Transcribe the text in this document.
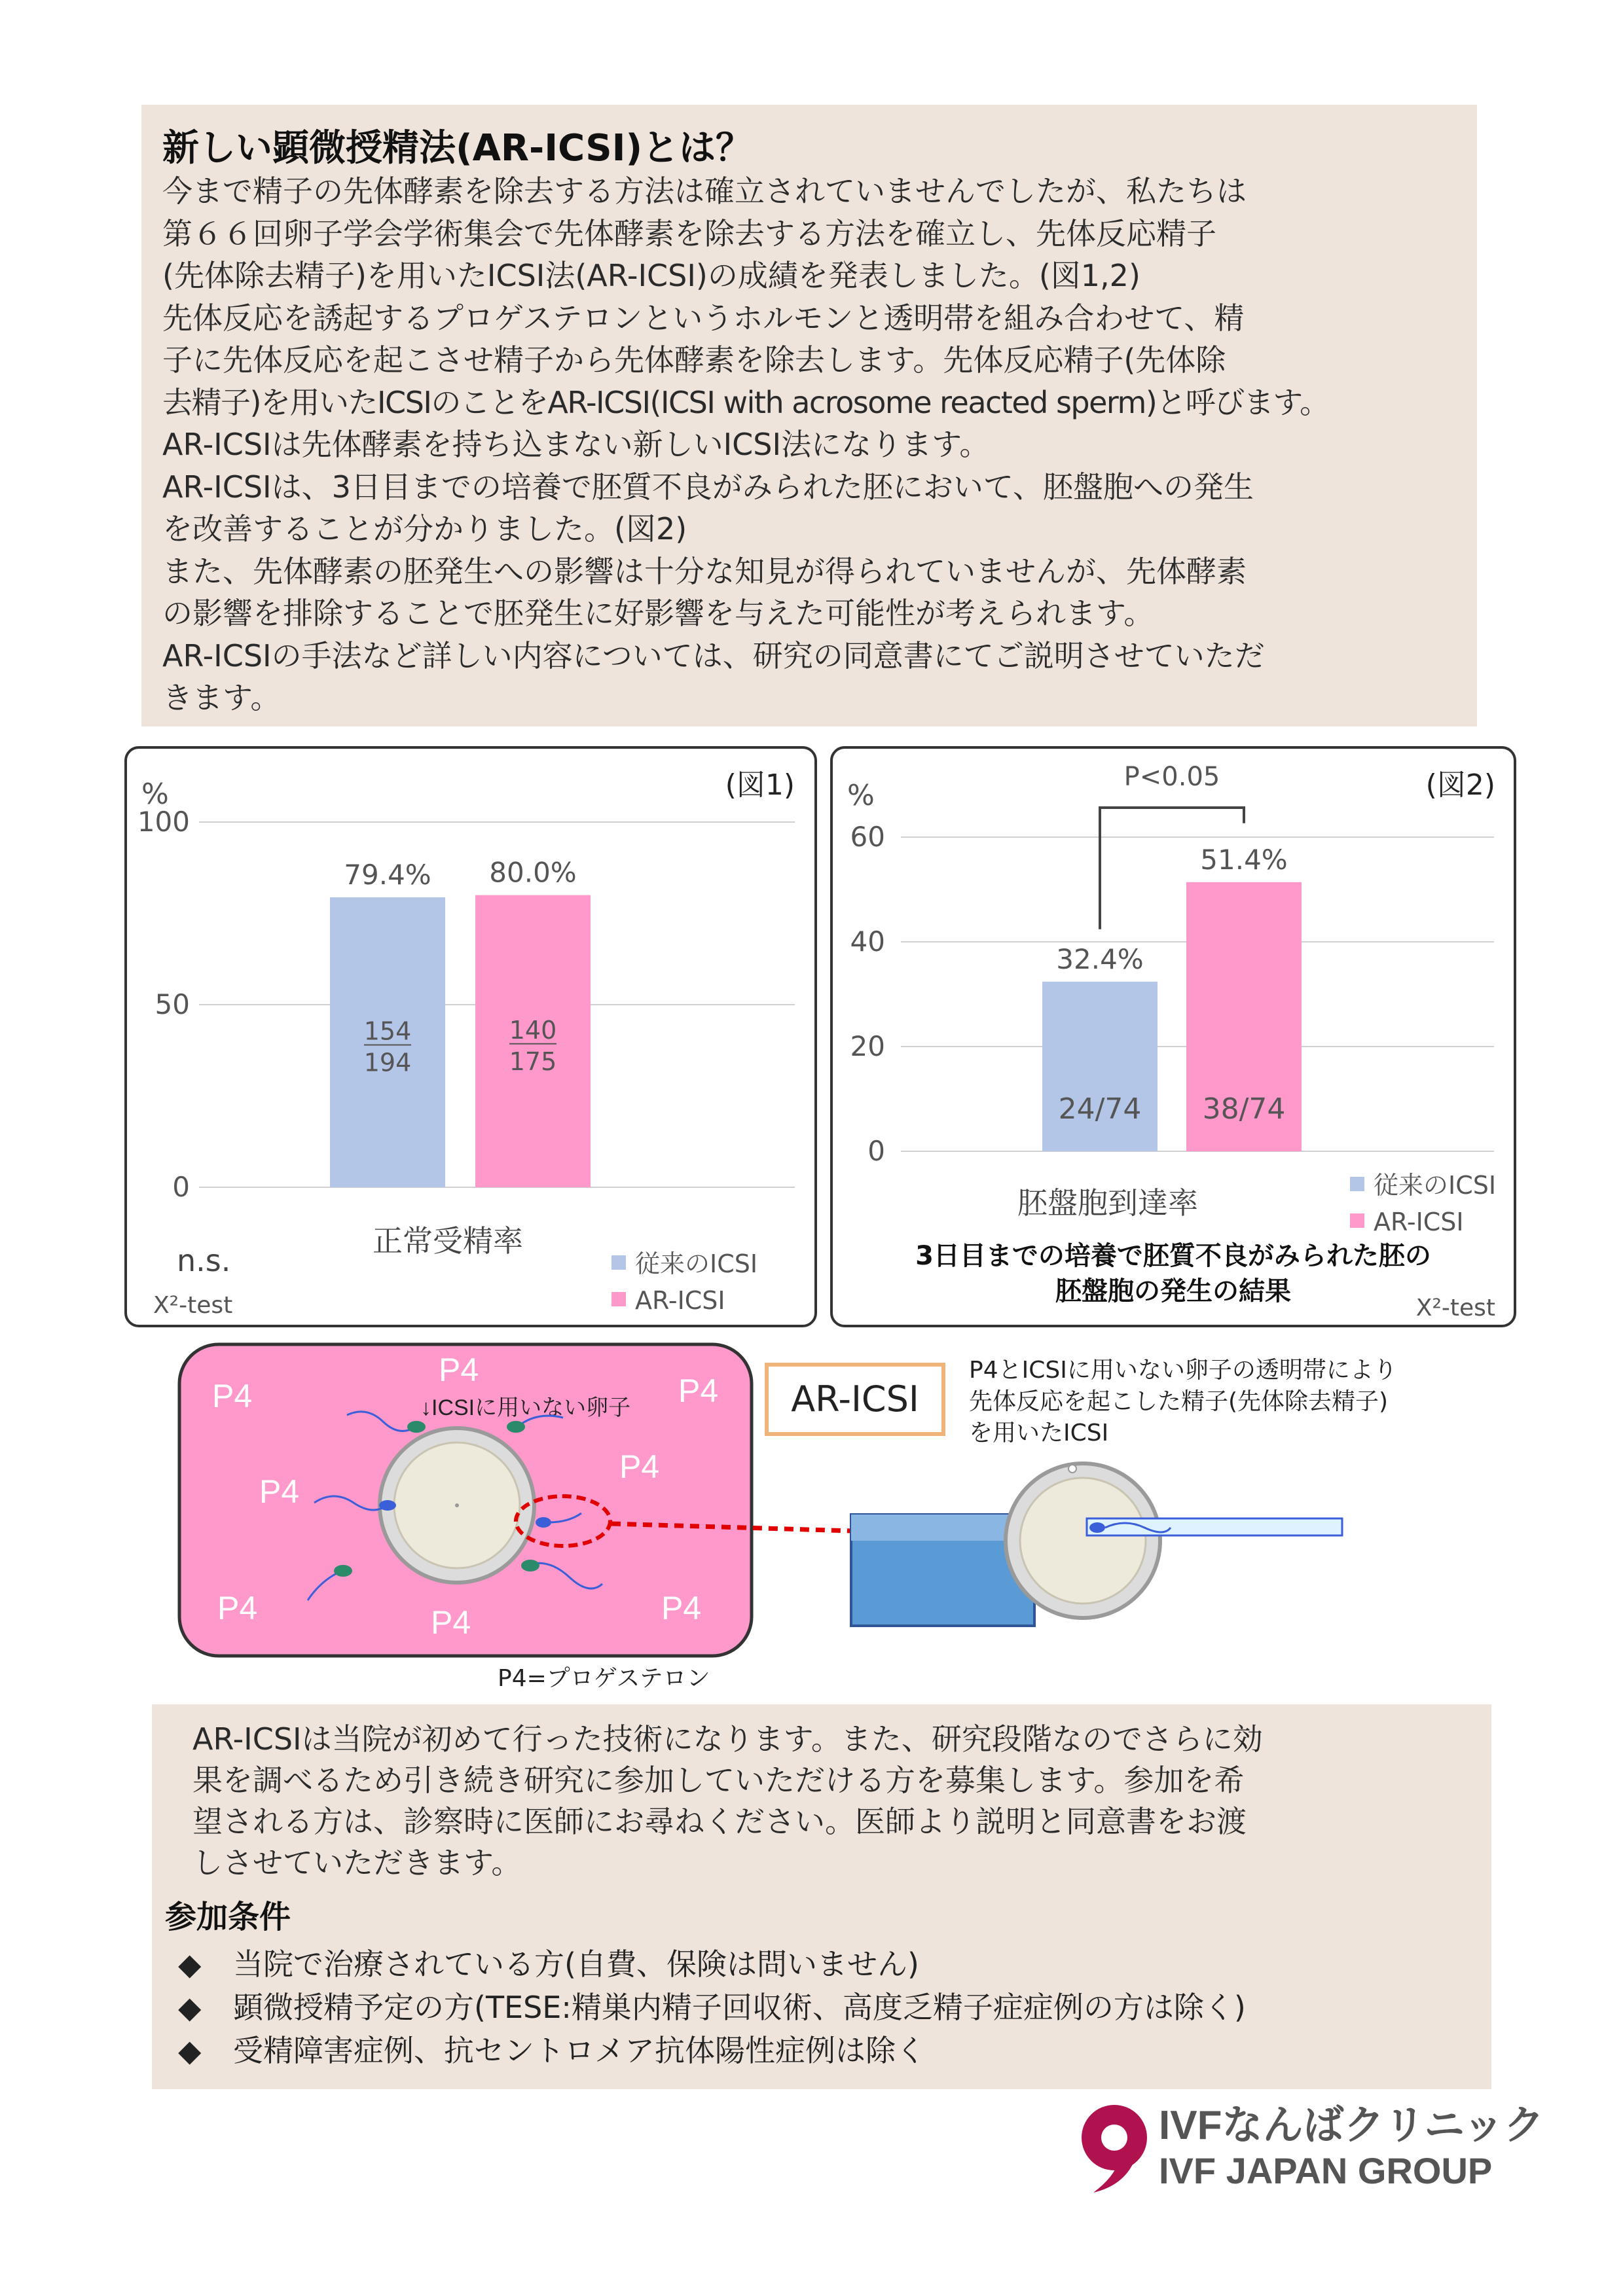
新しい顕微授精法(AR-ICSI)とは？
今まで精子の先体酵素を除去する方法は確立されていませんでしたが、私たちは
第６６回卵子学会学術集会で先体酵素を除去する方法を確立し、先体反応精子
(先体除去精子)を用いたICSI法(AR-ICSI)の成績を発表しました。(図1,2)
先体反応を誘起するプロゲステロンというホルモンと透明帯を組み合わせて、精
子に先体反応を起こさせ精子から先体酵素を除去します。先体反応精子(先体除
去精子)を用いたICSIのことをAR-ICSI(ICSI with acrosome reacted sperm)と呼びます。
AR-ICSIは先体酵素を持ち込まない新しいICSI法になります。
AR-ICSIは、3日目までの培養で胚質不良がみられた胚において、胚盤胞への発生
を改善することが分かりました。(図2)
また、先体酵素の胚発生への影響は十分な知見が得られていませんが、先体酵素
の影響を排除することで胚発生に好影響を与えた可能性が考えられます。
AR-ICSIの手法など詳しい内容については、研究の同意書にてご説明させていただ
きます。
0
50
100
%	(図1)
79.4%
154
194
従来のICSI
80.0%
140
175
AR-ICSI
正常受精率
X²-test
n.s.
0
20
40
60
%	(図2)
32.4%
24/74
従来のICSI
51.4%
38/74
AR-ICSI
胚盤胞到達率
X²-test
P<0.05
3日目までの培養で胚質不良がみられた胚の
胚盤胞の発生の結果
P4
P4
P4
P4
P4
P4	P4	P4
↓ICSIに用いない卵子	AR-ICSI
P4とICSIに用いない卵子の透明帯により
先体反応を起こした精子(先体除去精子)
を用いたICSI
P4=プロゲステロン
AR-ICSIは当院が初めて行った技術になります。また、研究段階なのでさらに効
果を調べるため引き続き研究に参加していただける方を募集します。参加を希
望される方は、診察時に医師にお尋ねください。医師より説明と同意書をお渡
しさせていただきます。
参加条件
◆ 当院で治療されている方(自費、保険は問いません)
◆ 顕微授精予定の方(TESE:精巣内精子回収術、高度乏精子症症例の方は除く)
◆ 受精障害症例、抗セントロメア抗体陽性症例は除く
IVFなんばクリニック
IVF JAPAN GROUP
